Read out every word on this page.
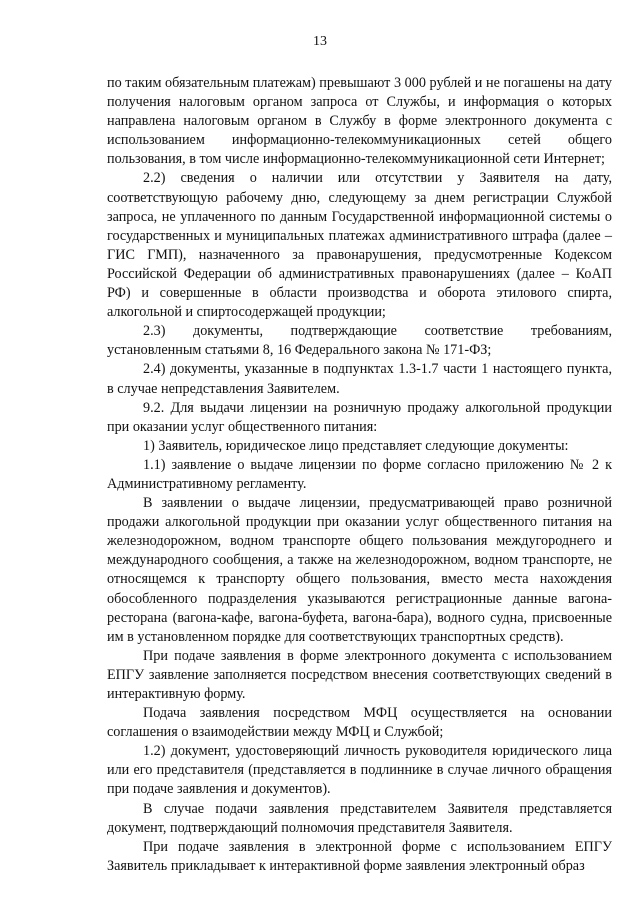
13

по таким обязательным платежам) превышают 3 000 рублей и не погашены на дату получения налоговым органом запроса от Службы, и информация о которых направлена налоговым органом в Службу в форме электронного документа с использованием информационно-телекоммуникационных сетей общего пользования, в том числе информационно-телекоммуникационной сети Интернет;

2.2) сведения о наличии или отсутствии у Заявителя на дату, соответствующую рабочему дню, следующему за днем регистрации Службой запроса, не уплаченного по данным Государственной информационной системы о государственных и муниципальных платежах административного штрафа (далее – ГИС ГМП), назначенного за правонарушения, предусмотренные Кодексом Российской Федерации об административных правонарушениях (далее – КоАП РФ) и совершенные в области производства и оборота этилового спирта, алкогольной и спиртосодержащей продукции;

2.3) документы, подтверждающие соответствие требованиям, установленным статьями 8, 16 Федерального закона № 171-ФЗ;

2.4) документы, указанные в подпунктах 1.3-1.7 части 1 настоящего пункта, в случае непредставления Заявителем.

9.2. Для выдачи лицензии на розничную продажу алкогольной продукции при оказании услуг общественного питания:

1) Заявитель, юридическое лицо представляет следующие документы:

1.1) заявление о выдаче лицензии по форме согласно приложению № 2 к Административному регламенту.

В заявлении о выдаче лицензии, предусматривающей право розничной продажи алкогольной продукции при оказании услуг общественного питания на железнодорожном, водном транспорте общего пользования междугороднего и международного сообщения, а также на железнодорожном, водном транспорте, не относящемся к транспорту общего пользования, вместо места нахождения обособленного подразделения указываются регистрационные данные вагона-ресторана (вагона-кафе, вагона-буфета, вагона-бара), водного судна, присвоенные им в установленном порядке для соответствующих транспортных средств).

При подаче заявления в форме электронного документа с использованием ЕПГУ заявление заполняется посредством внесения соответствующих сведений в интерактивную форму.

Подача заявления посредством МФЦ осуществляется на основании соглашения о взаимодействии между МФЦ и Службой;

1.2) документ, удостоверяющий личность руководителя юридического лица или его представителя (представляется в подлиннике в случае личного обращения при подаче заявления и документов).

В случае подачи заявления представителем Заявителя представляется документ, подтверждающий полномочия представителя Заявителя.

При подаче заявления в электронной форме с использованием ЕПГУ Заявитель прикладывает к интерактивной форме заявления электронный образ
